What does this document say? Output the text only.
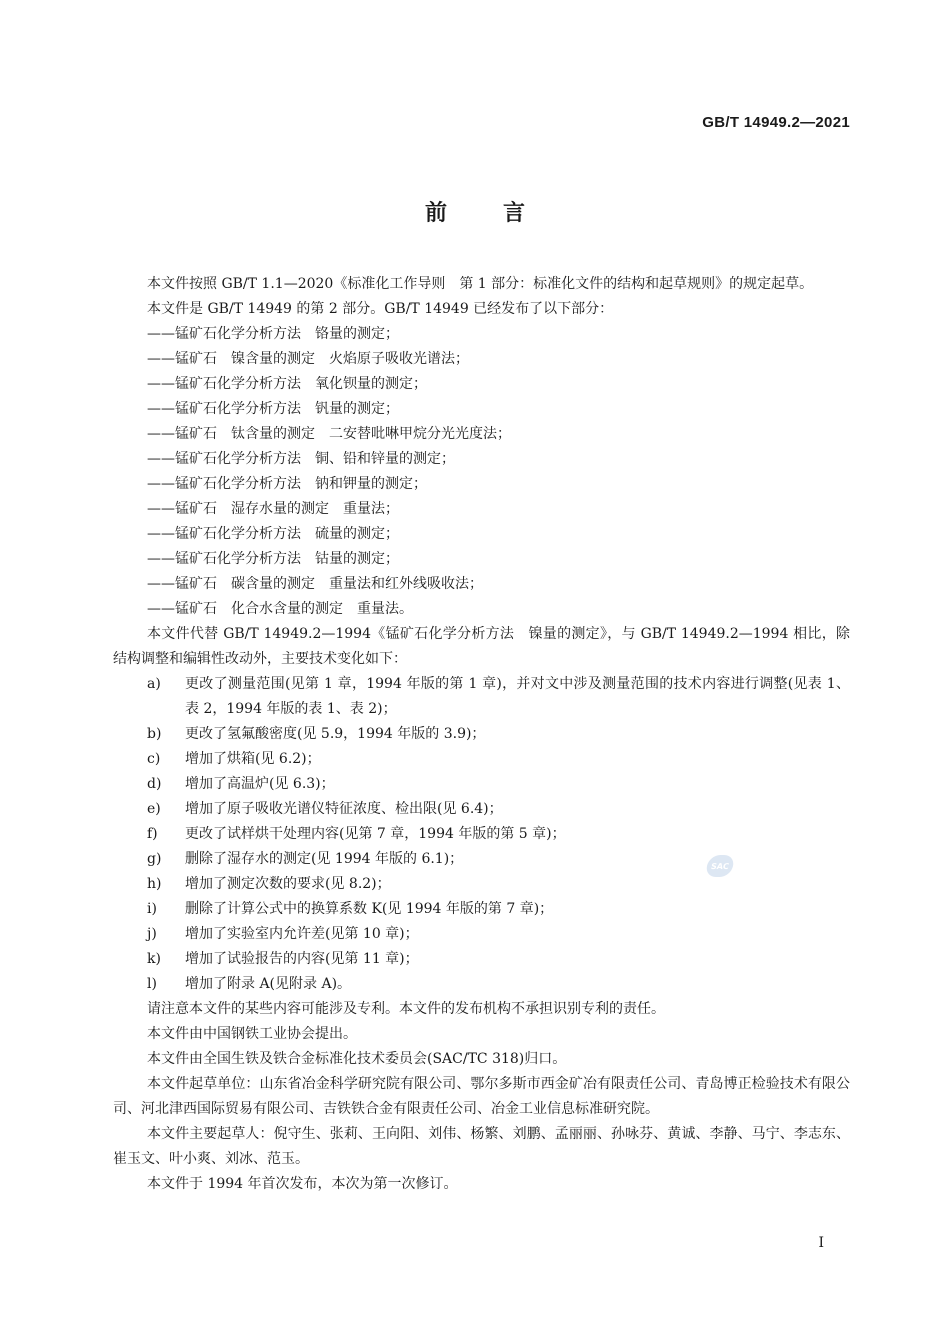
GB/T 14949.2—2021
前言
SAC
本文件按照 GB/T 1.1—2020《标准化工作导则　第 1 部分：标准化文件的结构和起草规则》的规定起草。
本文件是 GB/T 14949 的第 2 部分。GB/T 14949 已经发布了以下部分：
——锰矿石化学分析方法　铬量的测定；
——锰矿石　镍含量的测定　火焰原子吸收光谱法；
——锰矿石化学分析方法　氧化钡量的测定；
——锰矿石化学分析方法　钒量的测定；
——锰矿石　钛含量的测定　二安替吡啉甲烷分光光度法；
——锰矿石化学分析方法　铜、铅和锌量的测定；
——锰矿石化学分析方法　钠和钾量的测定；
——锰矿石　湿存水量的测定　重量法；
——锰矿石化学分析方法　硫量的测定；
——锰矿石化学分析方法　钴量的测定；
——锰矿石　碳含量的测定　重量法和红外线吸收法；
——锰矿石　化合水含量的测定　重量法。
本文件代替 GB/T 14949.2—1994《锰矿石化学分析方法　镍量的测定》，与 GB/T 14949.2—1994 相比，除结构调整和编辑性改动外，主要技术变化如下：
a)	更改了测量范围(见第 1 章，1994 年版的第 1 章)，并对文中涉及测量范围的技术内容进行调整(见表 1、表 2，1994 年版的表 1、表 2)；
b)	更改了氢氟酸密度(见 5.9，1994 年版的 3.9)；
c)	增加了烘箱(见 6.2)；
d)	增加了高温炉(见 6.3)；
e)	增加了原子吸收光谱仪特征浓度、检出限(见 6.4)；
f)	更改了试样烘干处理内容(见第 7 章，1994 年版的第 5 章)；
g)	删除了湿存水的测定(见 1994 年版的 6.1)；
h)	增加了测定次数的要求(见 8.2)；
i)	删除了计算公式中的换算系数 K(见 1994 年版的第 7 章)；
j)	增加了实验室内允许差(见第 10 章)；
k)	增加了试验报告的内容(见第 11 章)；
l)	增加了附录 A(见附录 A)。
请注意本文件的某些内容可能涉及专利。本文件的发布机构不承担识别专利的责任。
本文件由中国钢铁工业协会提出。
本文件由全国生铁及铁合金标准化技术委员会(SAC/TC 318)归口。
本文件起草单位：山东省冶金科学研究院有限公司、鄂尔多斯市西金矿冶有限责任公司、青岛博正检验技术有限公司、河北津西国际贸易有限公司、吉铁铁合金有限责任公司、冶金工业信息标准研究院。
本文件主要起草人：倪守生、张莉、王向阳、刘伟、杨繁、刘鹏、孟丽丽、孙咏芬、黄诚、李静、马宁、李志东、崔玉文、叶小爽、刘冰、范玉。
本文件于 1994 年首次发布，本次为第一次修订。
I
